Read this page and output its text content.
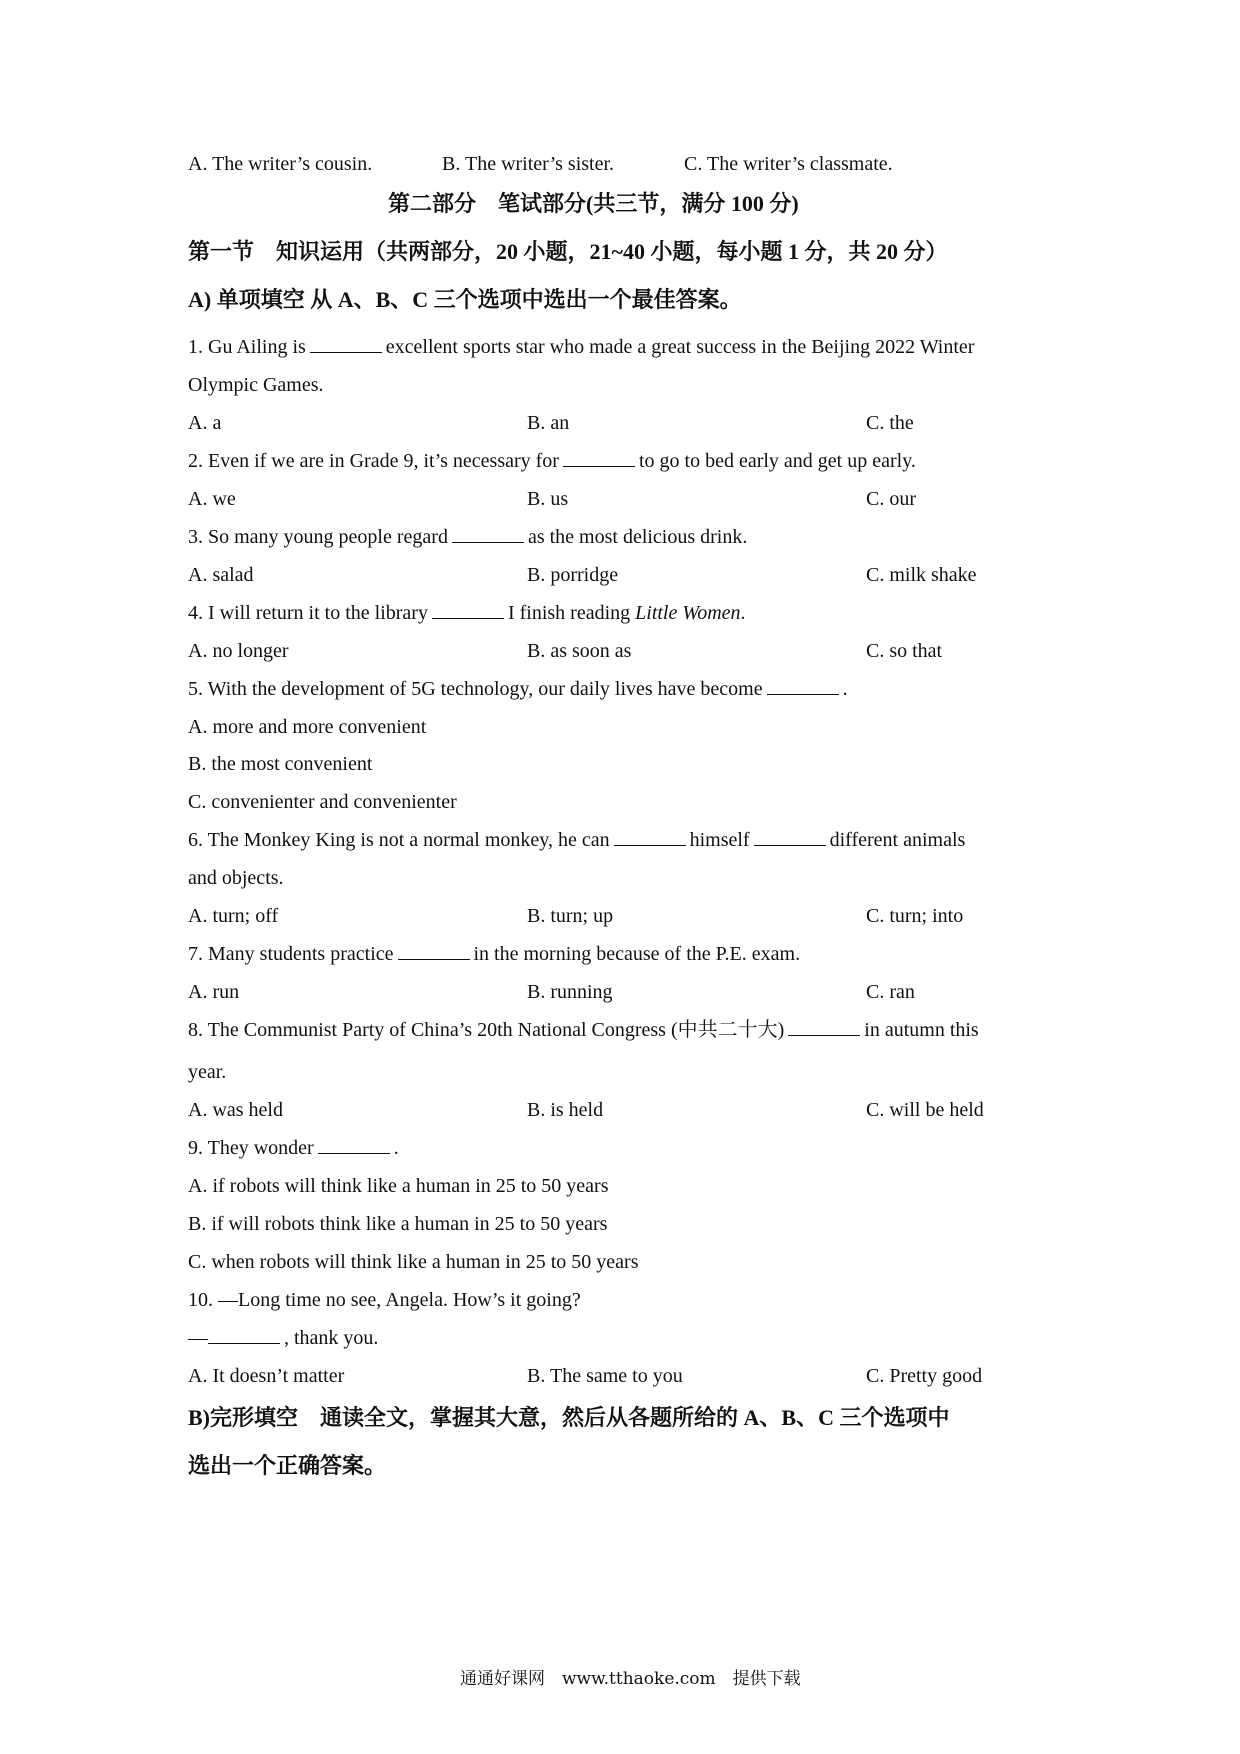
A. The writer’s cousin.	B. The writer’s sister.	C. The writer’s classmate.
第二部分　笔试部分(共三节，满分 100 分)
第一节　知识运用（共两部分，20 小题，21~40 小题，每小题 1 分，共 20 分）
A) 单项填空 从 A、B、C 三个选项中选出一个最佳答案。
1. Gu Ailing is	excellent sports star who made a great success in the Beijing 2022 Winter
Olympic Games.
A. a	B. an	C. the
2. Even if we are in Grade 9, it’s necessary for	to go to bed early and get up early.
A. we	B. us	C. our
3. So many young people regard	as the most delicious drink.
A. salad	B. porridge	C. milk shake
4. I will return it to the library	I finish reading Little Women.
A. no longer	B. as soon as	C. so that
5. With the development of 5G technology, our daily lives have become	.
A. more and more convenient
B. the most convenient
C. convenienter and convenienter
6. The Monkey King is not a normal monkey, he can	himself	different animals
and objects.
A. turn; off	B. turn; up	C. turn; into
7. Many students practice	in the morning because of the P.E. exam.
A. run	B. running	C. ran
8. The Communist Party of China’s 20th National Congress (中共二十大)	in autumn this
year.
A. was held	B. is held	C. will be held
9. They wonder	.
A. if robots will think like a human in 25 to 50 years
B. if will robots think like a human in 25 to 50 years
C. when robots will think like a human in 25 to 50 years
10. —Long time no see, Angela. How’s it going?
—	, thank you.
A. It doesn’t matter	B. The same to you	C. Pretty good
B)完形填空　通读全文，掌握其大意，然后从各题所给的 A、B、C 三个选项中
选出一个正确答案。
通通好课网　www.tthaoke.com　提供下载
